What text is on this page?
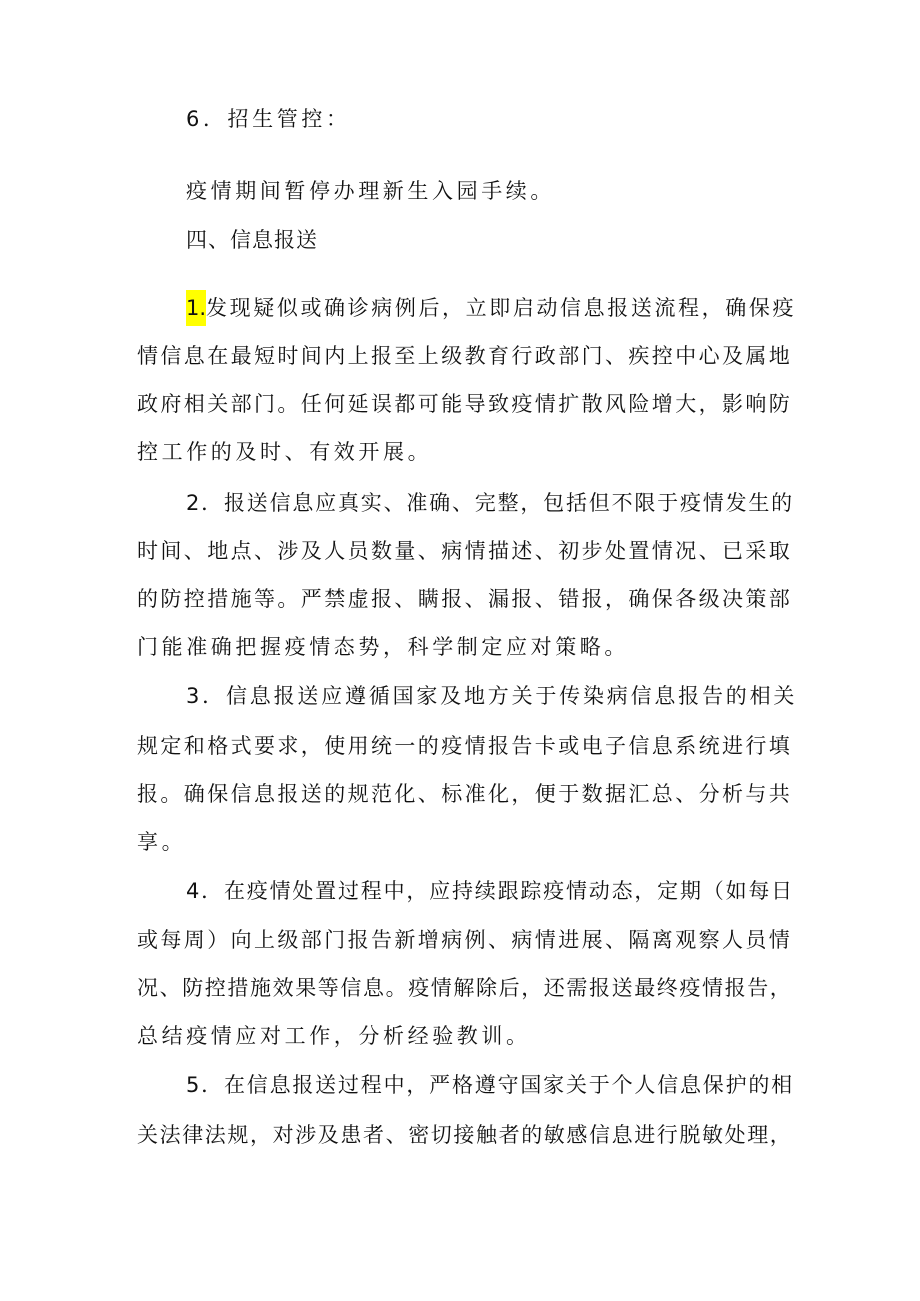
6．招生管控：
疫情期间暂停办理新生入园手续。
四、信息报送
1.发现疑似或确诊病例后，立即启动信息报送流程，确保疫
情信息在最短时间内上报至上级教育行政部门、疾控中心及属地
政府相关部门。任何延误都可能导致疫情扩散风险增大，影响防
控工作的及时、有效开展。
2．报送信息应真实、准确、完整，包括但不限于疫情发生的
时间、地点、涉及人员数量、病情描述、初步处置情况、已采取
的防控措施等。严禁虚报、瞒报、漏报、错报，确保各级决策部
门能准确把握疫情态势，科学制定应对策略。
3．信息报送应遵循国家及地方关于传染病信息报告的相关
规定和格式要求，使用统一的疫情报告卡或电子信息系统进行填
报。确保信息报送的规范化、标准化，便于数据汇总、分析与共
享。
4．在疫情处置过程中，应持续跟踪疫情动态，定期（如每日
或每周）向上级部门报告新增病例、病情进展、隔离观察人员情
况、防控措施效果等信息。疫情解除后，还需报送最终疫情报告，
总结疫情应对工作，分析经验教训。
5．在信息报送过程中，严格遵守国家关于个人信息保护的相
关法律法规，对涉及患者、密切接触者的敏感信息进行脱敏处理，
